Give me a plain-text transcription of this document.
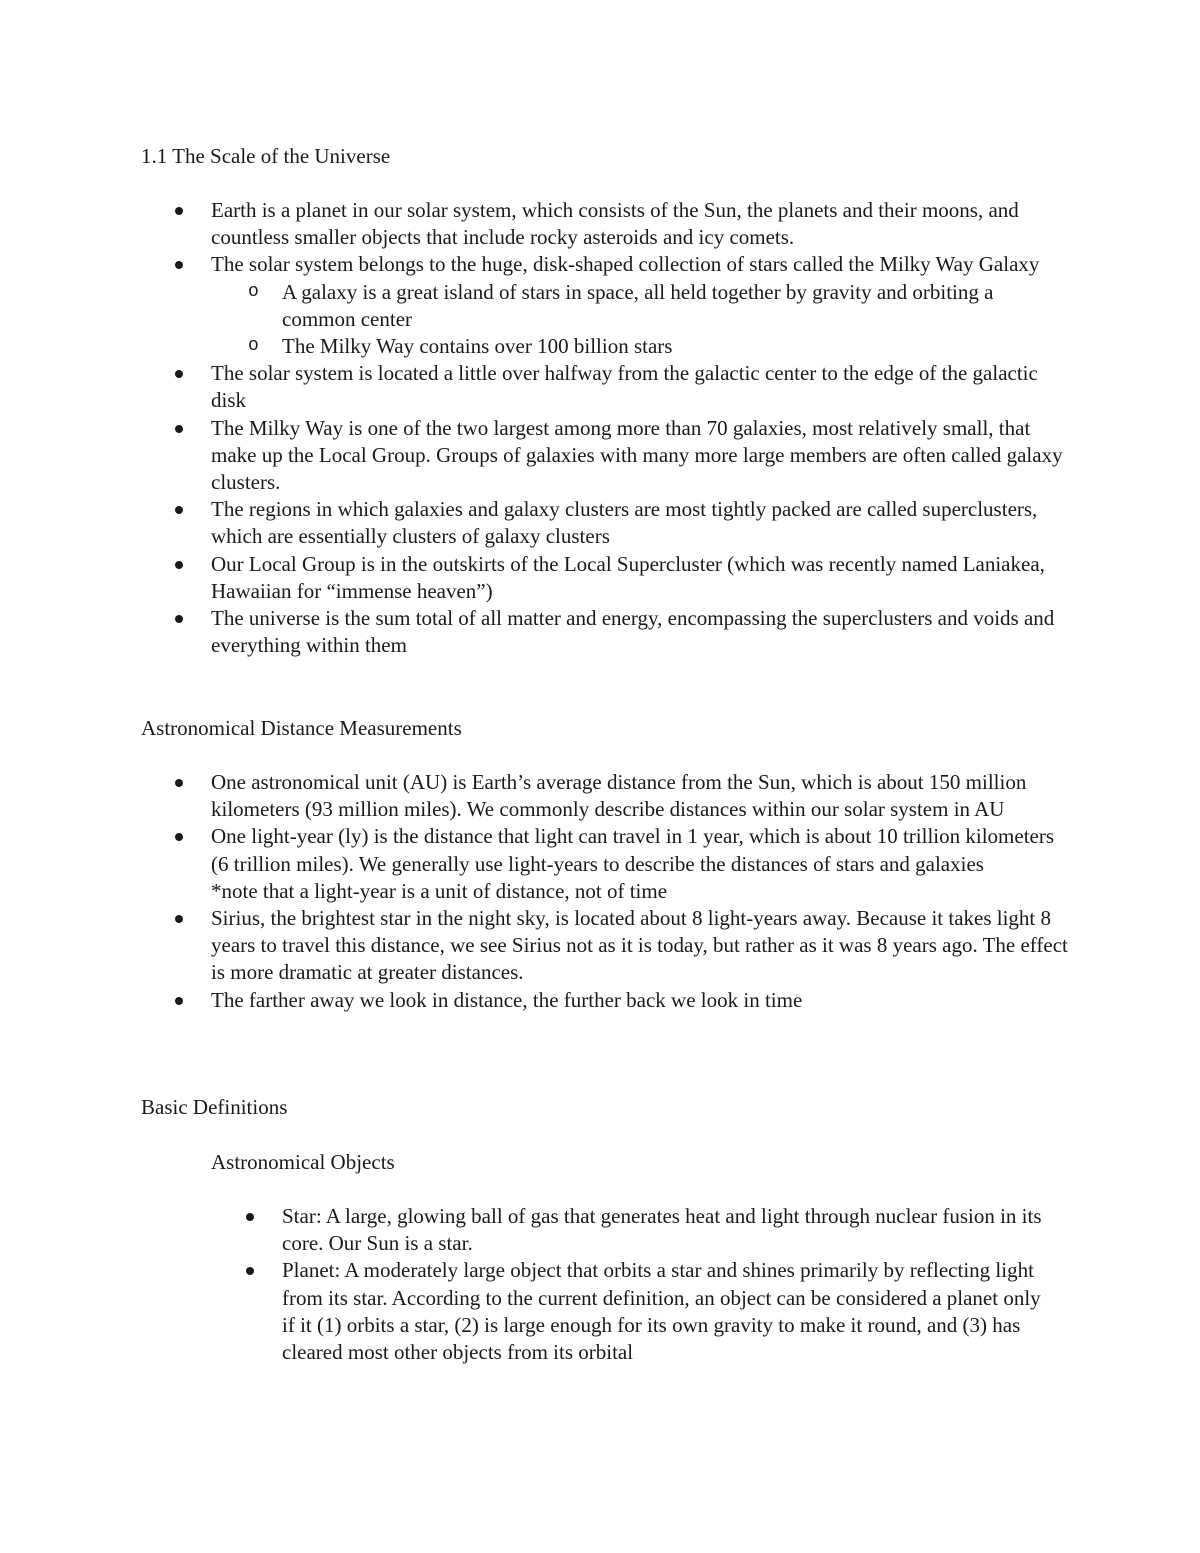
1.1 The Scale of the Universe
Earth is a planet in our solar system, which consists of the Sun, the planets and their moons, and countless smaller objects that include rocky asteroids and icy comets.
The solar system belongs to the huge, disk-shaped collection of stars called the Milky Way Galaxy
o A galaxy is a great island of stars in space, all held together by gravity and orbiting a common center
o The Milky Way contains over 100 billion stars
The solar system is located a little over halfway from the galactic center to the edge of the galactic disk
The Milky Way is one of the two largest among more than 70 galaxies, most relatively small, that make up the Local Group. Groups of galaxies with many more large members are often called galaxy clusters.
The regions in which galaxies and galaxy clusters are most tightly packed are called superclusters, which are essentially clusters of galaxy clusters
Our Local Group is in the outskirts of the Local Supercluster (which was recently named Laniakea, Hawaiian for “immense heaven”)
The universe is the sum total of all matter and energy, encompassing the superclusters and voids and everything within them
Astronomical Distance Measurements
One astronomical unit (AU) is Earth’s average distance from the Sun, which is about 150 million kilometers (93 million miles). We commonly describe distances within our solar system in AU
One light-year (ly) is the distance that light can travel in 1 year, which is about 10 trillion kilometers (6 trillion miles). We generally use light-years to describe the distances of stars and galaxies
*note that a light-year is a unit of distance, not of time
Sirius, the brightest star in the night sky, is located about 8 light-years away. Because it takes light 8 years to travel this distance, we see Sirius not as it is today, but rather as it was 8 years ago. The effect is more dramatic at greater distances.
The farther away we look in distance, the further back we look in time
Basic Definitions
Astronomical Objects
Star: A large, glowing ball of gas that generates heat and light through nuclear fusion in its core. Our Sun is a star.
Planet: A moderately large object that orbits a star and shines primarily by reflecting light from its star. According to the current definition, an object can be considered a planet only if it (1) orbits a star, (2) is large enough for its own gravity to make it round, and (3) has cleared most other objects from its orbital
